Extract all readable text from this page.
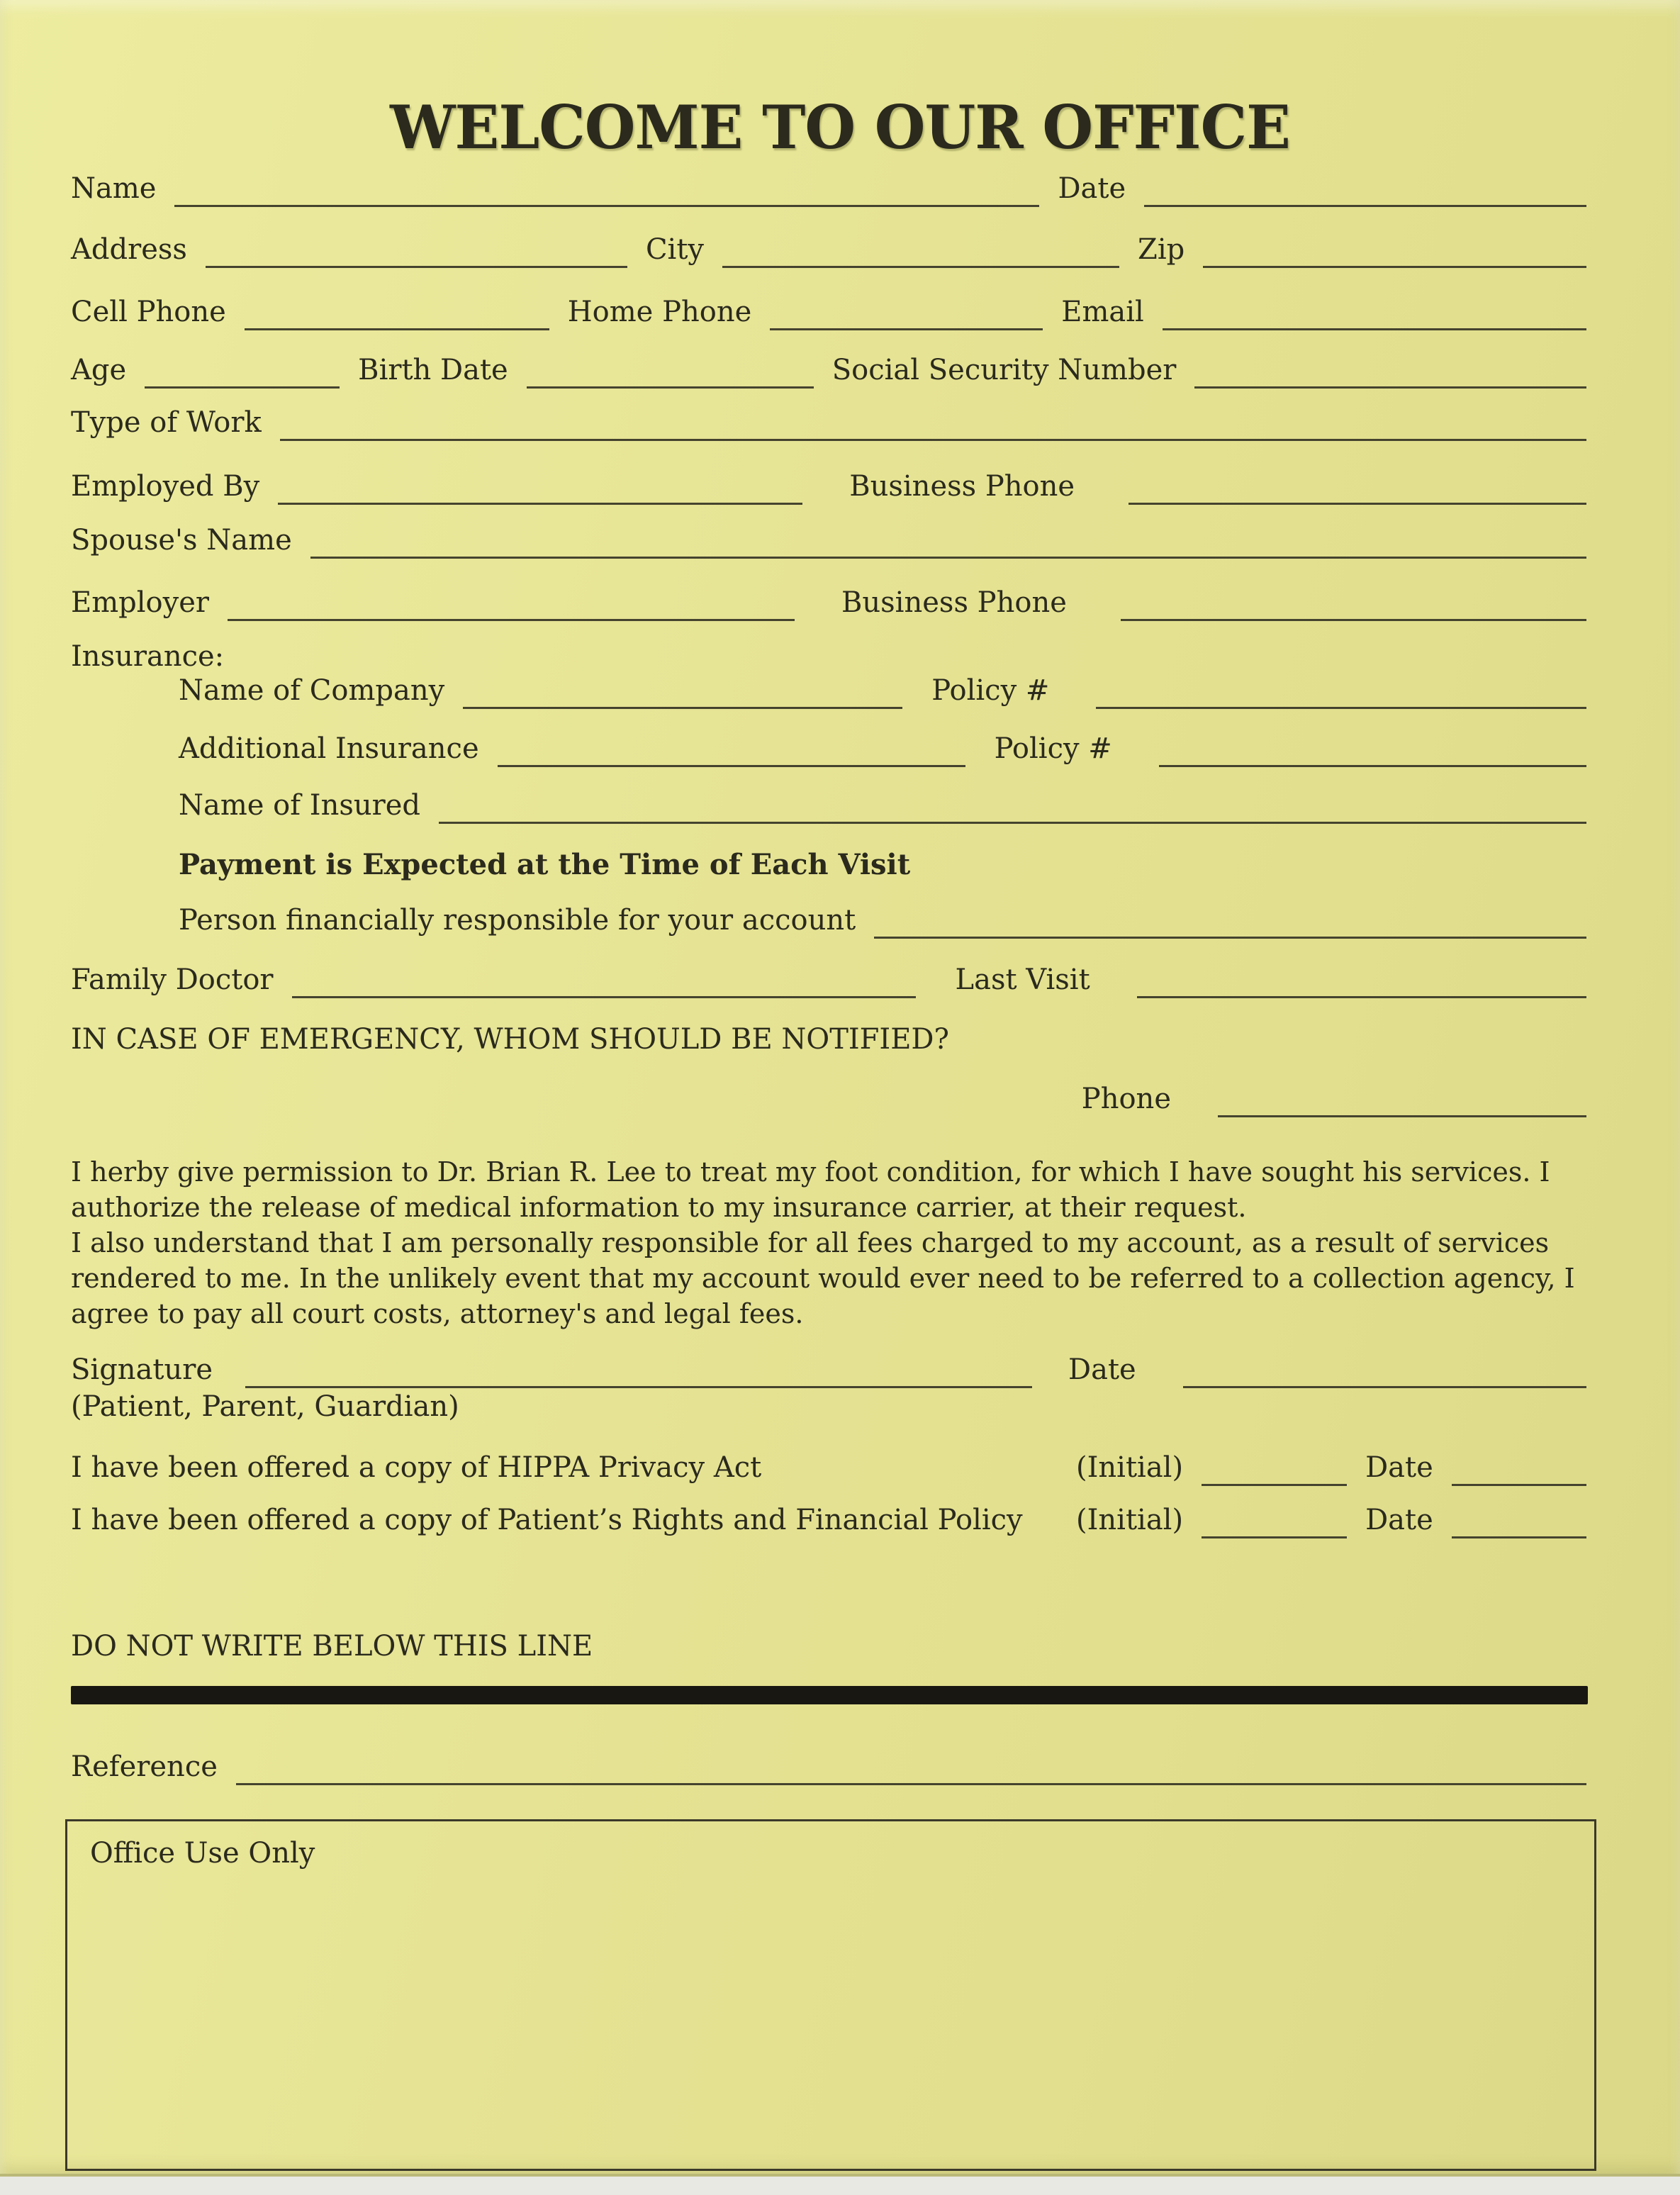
WELCOME TO OUR OFFICE
Name	Date
Address	City	Zip
Cell Phone	Home Phone	Email
Age	Birth Date	Social Security Number
Type of Work
Employed By	Business Phone
Spouse's Name
Employer	Business Phone
Insurance:
Name of Company	Policy #
Additional Insurance	Policy #
Name of Insured
Payment is Expected at the Time of Each Visit
Person financially responsible for your account
Family Doctor	Last Visit
IN CASE OF EMERGENCY, WHOM SHOULD BE NOTIFIED?
Phone

I herby give permission to Dr. Brian R. Lee to treat my foot condition, for which I have sought his services. I authorize the release of medical information to my insurance carrier, at their request.

I also understand that I am personally responsible for all fees charged to my account, as a result of services rendered to me. In the unlikely event that my account would ever need to be referred to a collection agency, I agree to pay all court costs, attorney's and legal fees.

Signature	Date
(Patient, Parent, Guardian)
I have been offered a copy of HIPPA Privacy Act	(Initial)	Date
I have been offered a copy of Patient’s Rights and Financial Policy	(Initial)	Date
DO NOT WRITE BELOW THIS LINE
Reference
Office Use Only
